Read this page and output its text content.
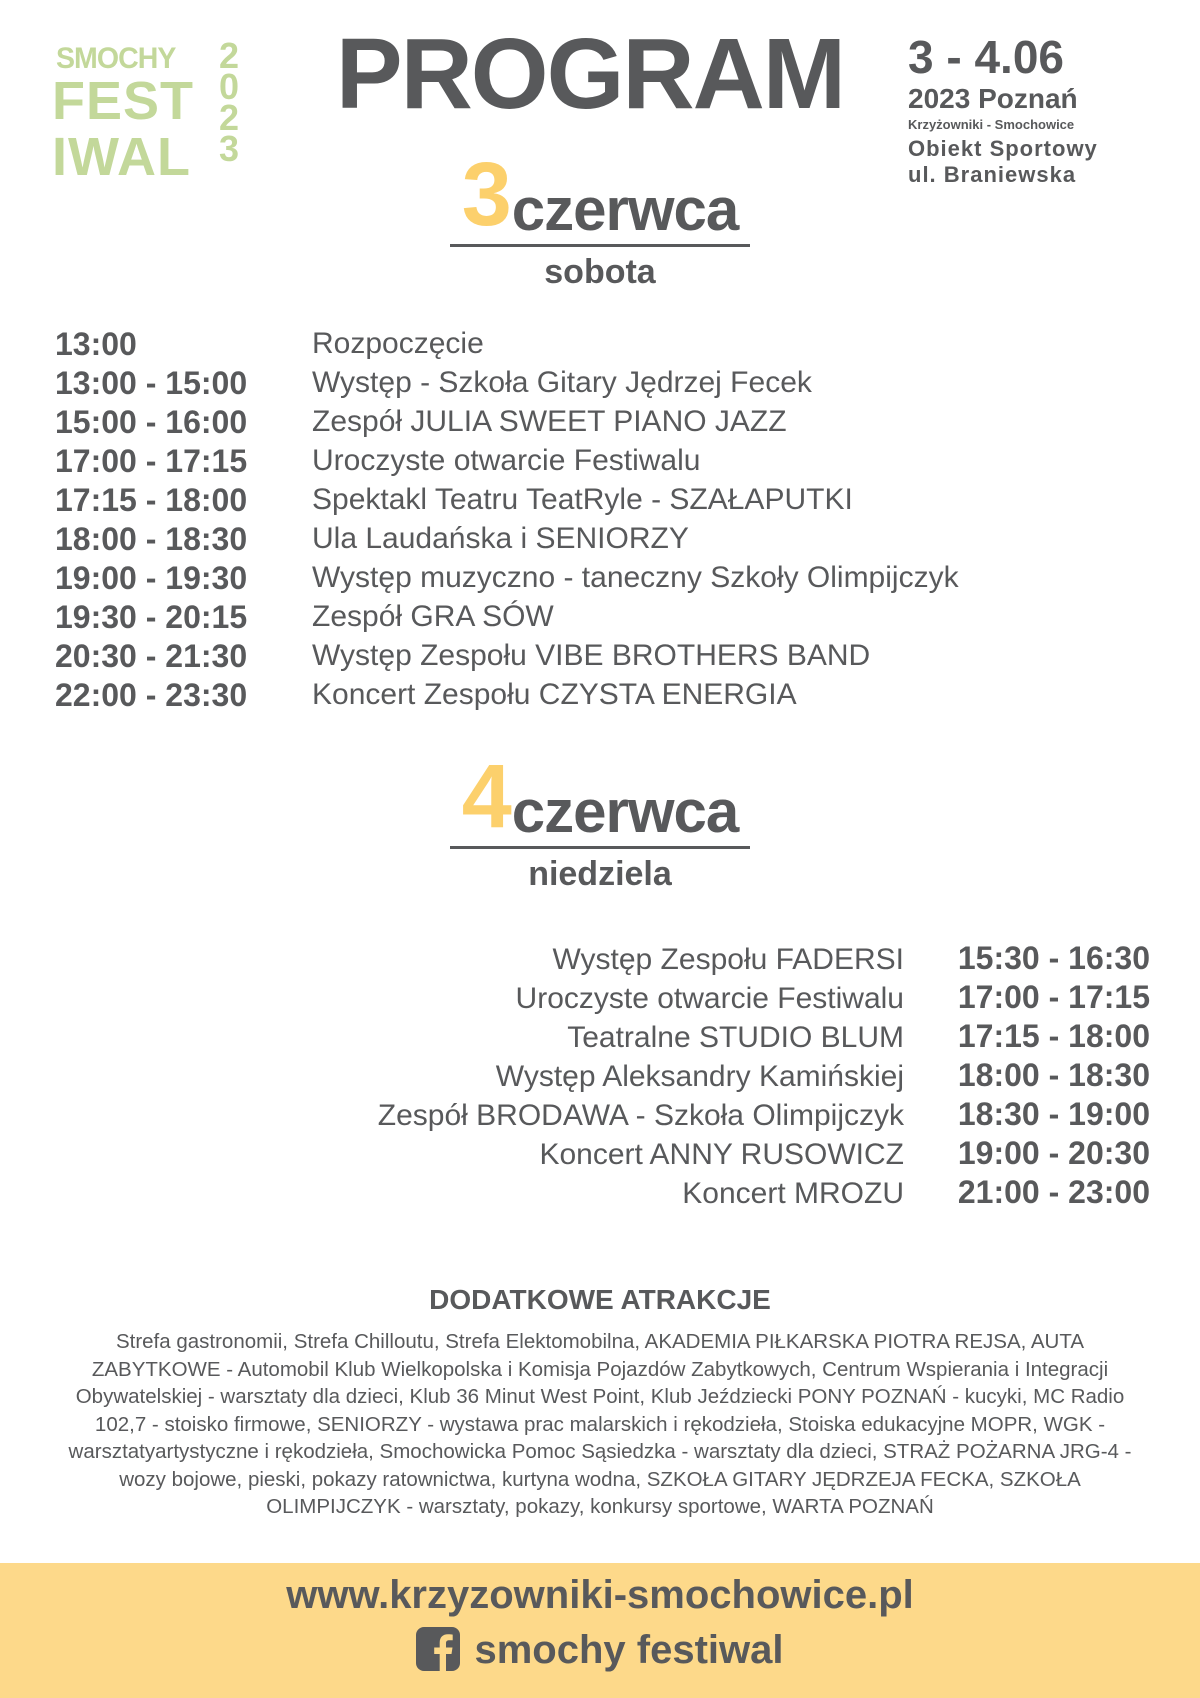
SMOCHY
FEST
IWAL
2
0
2
3
PROGRAM 3 - 4.06
2023 Poznań
Krzyżowniki - Smochowice
Obiekt Sportowy
ul. Braniewska
3czerwca
sobota
13:00	Rozpoczęcie
13:00 - 15:00 Występ - Szkoła Gitary Jędrzej Fecek
15:00 - 16:00 Zespół JULIA SWEET PIANO JAZZ
17:00 - 17:15 Uroczyste otwarcie Festiwalu
17:15 - 18:00 Spektakl Teatru TeatRyle - SZAŁAPUTKI
18:00 - 18:30 Ula Laudańska i SENIORZY
19:00 - 19:30 Występ muzyczno - taneczny Szkoły Olimpijczyk
19:30 - 20:15 Zespół GRA SÓW
20:30 - 21:30 Występ Zespołu VIBE BROTHERS BAND
22:00 - 23:30 Koncert Zespołu CZYSTA ENERGIA
4czerwca
niedziela
Występ Zespołu FADERSI	15:30 - 16:30
Uroczyste otwarcie Festiwalu	17:00 - 17:15
Teatralne STUDIO BLUM	17:15 - 18:00
Występ Aleksandry Kamińskiej	18:00 - 18:30
Zespół BRODAWA - Szkoła Olimpijczyk	18:30 - 19:00
Koncert ANNY RUSOWICZ	19:00 - 20:30
Koncert MROZU	21:00 - 23:00
DODATKOWE ATRAKCJE
Strefa gastronomii, Strefa Chilloutu, Strefa Elektomobilna, AKADEMIA PIŁKARSKA PIOTRA REJSA, AUTA ZABYTKOWE - Automobil Klub Wielkopolska i Komisja Pojazdów Zabytkowych, Centrum Wspierania i Integracji Obywatelskiej - warsztaty dla dzieci, Klub 36 Minut West Point, Klub Jeździecki PONY POZNAŃ - kucyki, MC Radio 102,7 - stoisko firmowe, SENIORZY - wystawa prac malarskich i rękodzieła, Stoiska edukacyjne MOPR, WGK - warsztatyartystyczne i rękodzieła, Smochowicka Pomoc Sąsiedzka - warsztaty dla dzieci, STRAŻ POŻARNA JRG-4 - wozy bojowe, pieski, pokazy ratownictwa, kurtyna wodna, SZKOŁA GITARY JĘDRZEJA FECKA, SZKOŁA OLIMPIJCZYK - warsztaty, pokazy, konkursy sportowe, WARTA POZNAŃ
www.krzyzowniki-smochowice.pl
smochy festiwal
